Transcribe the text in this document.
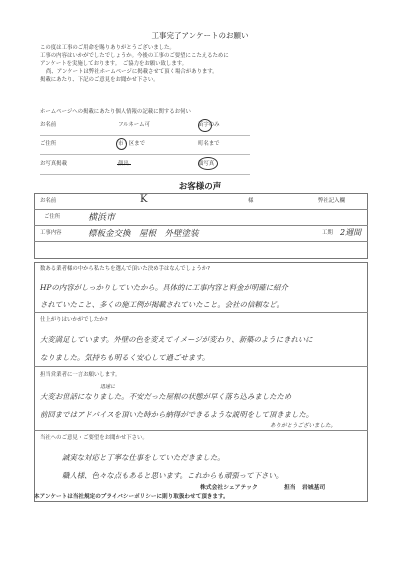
工事完了アンケートのお願い
この度は工事のご用命を賜りありがとうございました。
工事の内容はいかがでしたでしょうか。今後の工事のご要望にこたえるために
アンケートを実施しております。　ご協力をお願い致します。
尚、アンケートは弊社ホームページに掲載させて頂く場合があります。
掲載にあたり、下記のご意見をお聞かせ下さい。
ホームページへの掲載にあたり個人情報の記載に関するお伺い
お名前	フルネーム可	苗字のみ
ご住所	市・区まで	町名まで
お写真掲載	顔出	顔写真
お客様の声
お名前	K	様	弊社記入欄
ご住所	横浜市
工事内容	標板金交換　屋根　外壁塗装	工期 2週間
数ある業者様の中から私たちを選んで頂いた決め手はなんでしょうか?
HPの内容がしっかりしていたから。具体的に工事内容と料金が明確に紹介
されていたこと、多くの施工例が掲載されていたこと。会社の信頼など。
仕上がりはいかがでしたか?
大変満足しています。外壁の色を変えてイメージが変わり、新築のようにきれいに
なりました。気持ちも明るく安心して過ごせます。
担当営業者に一言お願いします。
迅速に
大変お世話になりました。不安だった屋根の状態が早く落ち込みましたため
前回まではアドバイスを頂いた時から納得ができるような説明をして頂きました。
ありがとうございました。
当社へのご意見・ご要望をお聞かせ下さい。
誠実な対応と丁寧な仕事をしていただきました。
職人様、色々な点もあると思います。これからも頑張って下さい。
株式会社シェアテック	担当 岩城基司
本アンケートは当社規定のプライバシーポリシーに則り取扱わせて頂きます。
